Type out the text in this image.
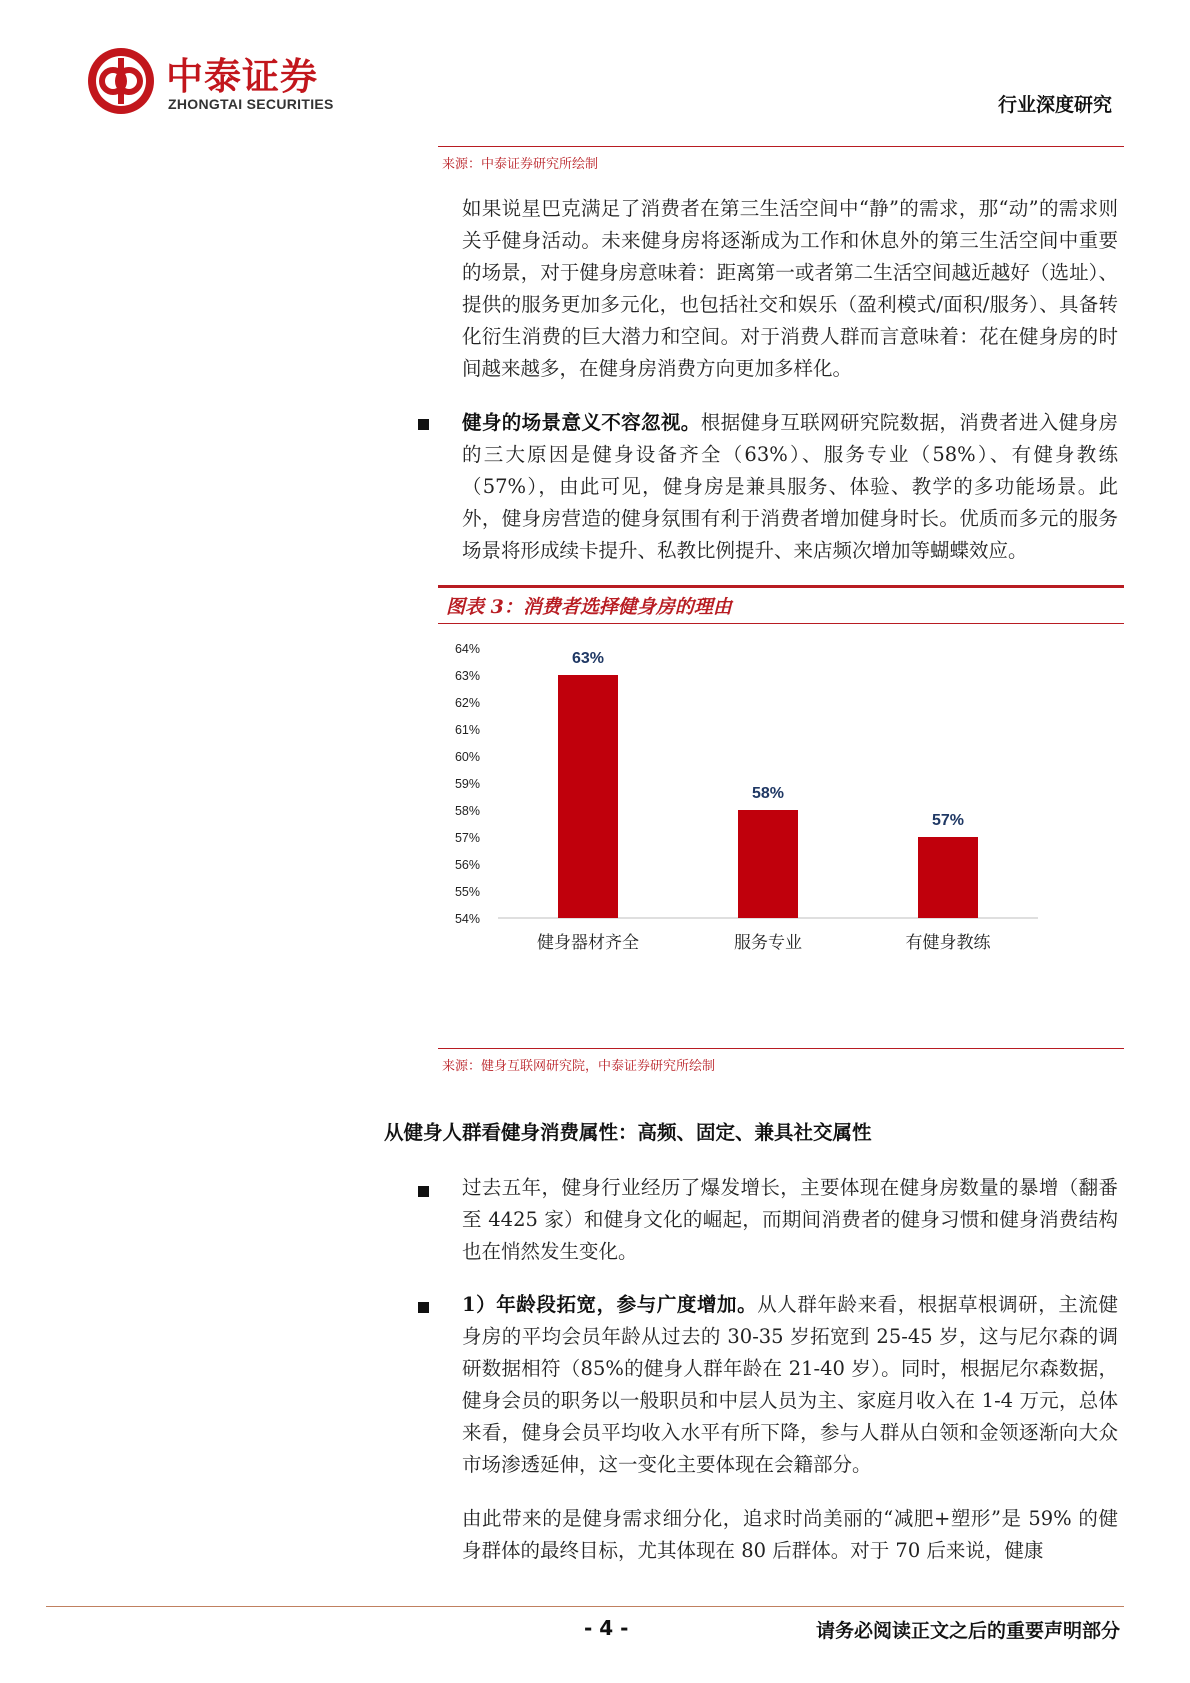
中泰证券
ZHONGTAI SECURITIES	行业深度研究
来源：中泰证券研究所绘制

如果说星巴克满足了消费者在第三生活空间中“静”的需求，那“动”的需求则关乎健身活动。未来健身房将逐渐成为工作和休息外的第三生活空间中重要的场景，对于健身房意味着：距离第一或者第二生活空间越近越好（选址）、提供的服务更加多元化，也包括社交和娱乐（盈利模式/面积/服务）、具备转化衍生消费的巨大潜力和空间。对于消费人群而言意味着：花在健身房的时间越来越多，在健身房消费方向更加多样化。

健身的场景意义不容忽视。根据健身互联网研究院数据，消费者进入健身房的三大原因是健身设备齐全（63%）、服务专业（58%）、有健身教练（57%），由此可见，健身房是兼具服务、体验、教学的多功能场景。此外，健身房营造的健身氛围有利于消费者增加健身时长。优质而多元的服务场景将形成续卡提升、私教比例提升、来店频次增加等蝴蝶效应。

图表 3：消费者选择健身房的理由
54%
55%
56%
57%
58%
59%
60%
61%
62%
63%
64%
63%
健身器材齐全
58%
服务专业
57%
有健身教练
来源：健身互联网研究院，中泰证券研究所绘制
从健身人群看健身消费属性：高频、固定、兼具社交属性

过去五年，健身行业经历了爆发增长，主要体现在健身房数量的暴增（翻番至 4425 家）和健身文化的崛起，而期间消费者的健身习惯和健身消费结构也在悄然发生变化。

1）年龄段拓宽，参与广度增加。从人群年龄来看，根据草根调研，主流健身房的平均会员年龄从过去的 30-35 岁拓宽到 25-45 岁，这与尼尔森的调研数据相符（85%的健身人群年龄在 21-40 岁）。同时，根据尼尔森数据，健身会员的职务以一般职员和中层人员为主、家庭月收入在 1-4 万元，总体来看，健身会员平均收入水平有所下降，参与人群从白领和金领逐渐向大众市场渗透延伸，这一变化主要体现在会籍部分。

由此带来的是健身需求细分化，追求时尚美丽的“减肥+塑形”是 59% 的健身群体的最终目标，尤其体现在 80 后群体。对于 70 后来说，健康

- 4 -	请务必阅读正文之后的重要声明部分
